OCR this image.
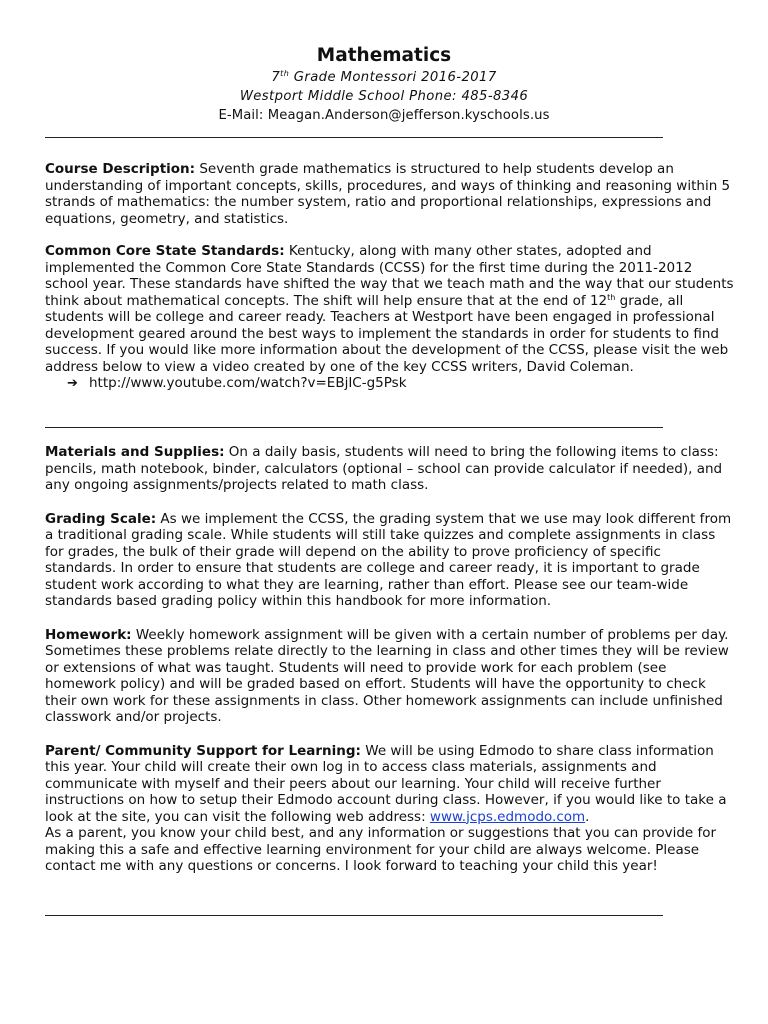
Mathematics
7th Grade Montessori 2016-2017
Westport Middle School Phone: 485-8346
E-Mail: Meagan.Anderson@jefferson.kyschools.us

Course Description: Seventh grade mathematics is structured to help students develop an understanding of important concepts, skills, procedures, and ways of thinking and reasoning within 5 strands of mathematics: the number system, ratio and proportional relationships, expressions and equations, geometry, and statistics.

Common Core State Standards: Kentucky, along with many other states, adopted and implemented the Common Core State Standards (CCSS) for the first time during the 2011-2012 school year. These standards have shifted the way that we teach math and the way that our students think about mathematical concepts. The shift will help ensure that at the end of 12th grade, all students will be college and career ready. Teachers at Westport have been engaged in professional development geared around the best ways to implement the standards in order for students to find success. If you would like more information about the development of the CCSS, please visit the web address below to view a video created by one of the key CCSS writers, David Coleman.

➔ http://www.youtube.com/watch?v=EBjIC-g5Psk

Materials and Supplies: On a daily basis, students will need to bring the following items to class: pencils, math notebook, binder, calculators (optional – school can provide calculator if needed), and any ongoing assignments/projects related to math class.

Grading Scale: As we implement the CCSS, the grading system that we use may look different from a traditional grading scale. While students will still take quizzes and complete assignments in class for grades, the bulk of their grade will depend on the ability to prove proficiency of specific standards. In order to ensure that students are college and career ready, it is important to grade student work according to what they are learning, rather than effort. Please see our team-wide standards based grading policy within this handbook for more information.

Homework: Weekly homework assignment will be given with a certain number of problems per day. Sometimes these problems relate directly to the learning in class and other times they will be review or extensions of what was taught. Students will need to provide work for each problem (see homework policy) and will be graded based on effort. Students will have the opportunity to check their own work for these assignments in class. Other homework assignments can include unfinished classwork and/or projects.

Parent/ Community Support for Learning: We will be using Edmodo to share class information this year. Your child will create their own log in to access class materials, assignments and communicate with myself and their peers about our learning. Your child will receive further instructions on how to setup their Edmodo account during class. However, if you would like to take a look at the site, you can visit the following web address: www.jcps.edmodo.com.

As a parent, you know your child best, and any information or suggestions that you can provide for making this a safe and effective learning environment for your child are always welcome. Please contact me with any questions or concerns. I look forward to teaching your child this year!
